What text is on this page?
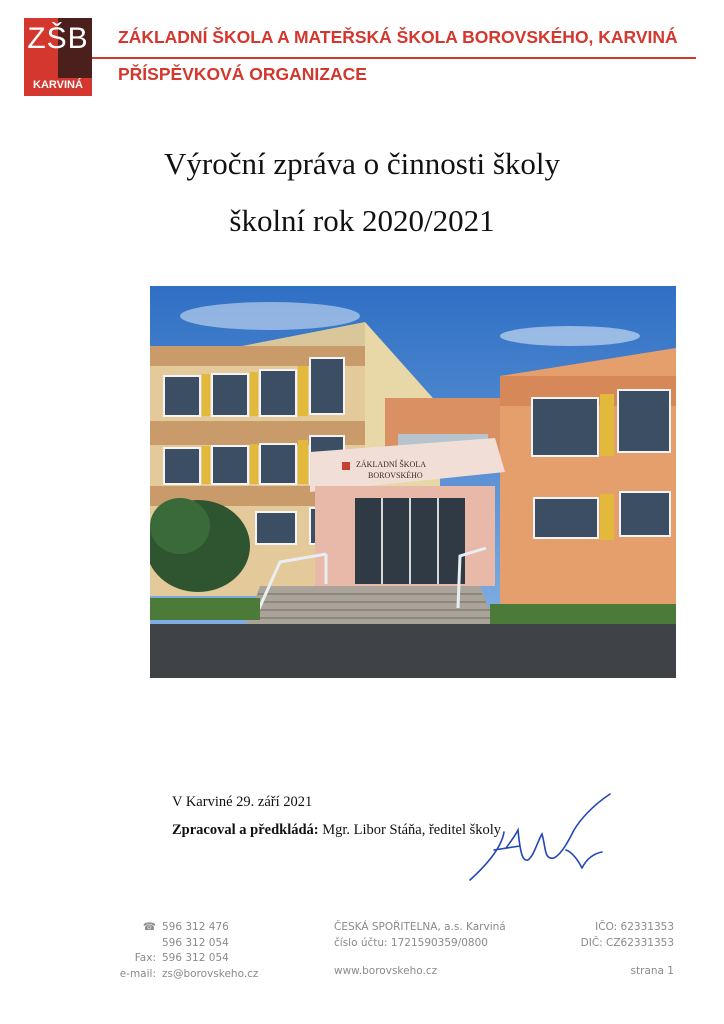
ZŠB
KARVINÁ
ZÁKLADNÍ ŠKOLA A MATEŘSKÁ ŠKOLA BOROVSKÉHO, KARVINÁ
PŘÍSPĚVKOVÁ ORGANIZACE
Výroční zpráva o činnosti školy
školní rok 2020/2021
ZÁKLADNÍ ŠKOLA
BOROVSKÉHO
V Karviné 29. září 2021
Zpracoval a předkládá: Mgr. Libor Stáňa, ředitel školy
☎ 596 312 476
596 312 054
Fax: 596 312 054
e-mail: zs@borovskeho.cz
ČESKÁ SPOŘITELNA, a.s. Karviná
číslo účtu: 1721590359/0800
IČO: 62331353
DIČ: CZ62331353
www.borovskeho.cz	strana 1
